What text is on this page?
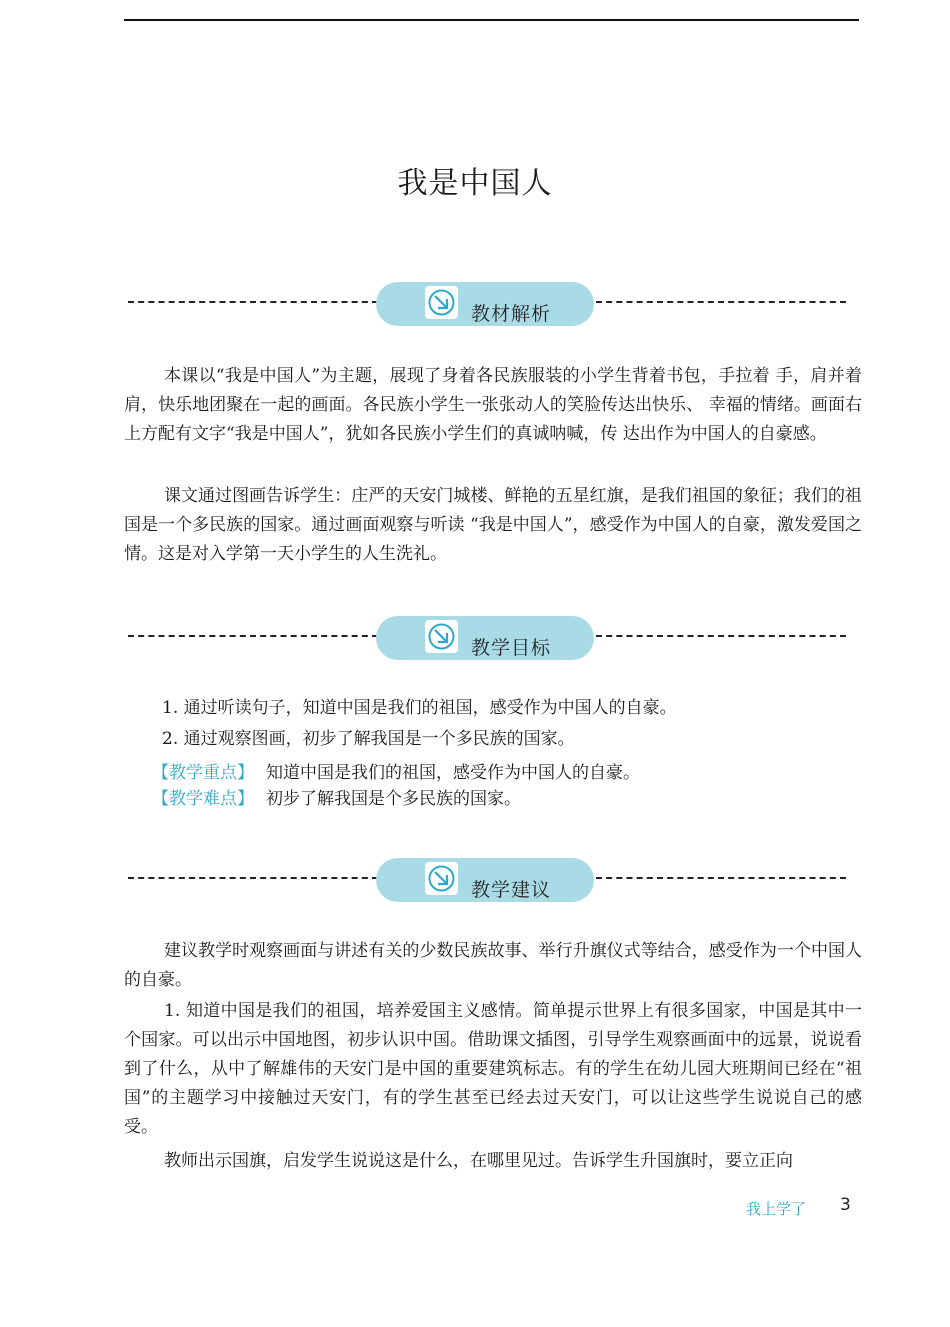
我是中国人
教材解析

本课以“我是中国人”为主题，展现了身着各民族服装的小学生背着书包，手拉着 手，肩并着肩，快乐地团聚在一起的画面。各民族小学生一张张动人的笑脸传达出快乐、 幸福的情绪。画面右上方配有文字“我是中国人”，犹如各民族小学生们的真诚呐喊，传 达出作为中国人的自豪感。

课文通过图画告诉学生：庄严的天安门城楼、鲜艳的五星红旗，是我们祖国的象征；我们的祖国是一个多民族的国家。通过画面观察与听读 “我是中国人”，感受作为中国人的自豪，激发爱国之情。这是对入学第一天小学生的人生洗礼。

教学目标
1. 通过听读句子，知道中国是我们的祖国，感受作为中国人的自豪。
2. 通过观察图画，初步了解我国是一个多民族的国家。
【教学重点】 知道中国是我们的祖国，感受作为中国人的自豪。
【教学难点】 初步了解我国是个多民族的国家。
教学建议

建议教学时观察画面与讲述有关的少数民族故事、举行升旗仪式等结合，感受作为一个中国人的自豪。

1. 知道中国是我们的祖国，培养爱国主义感情。简单提示世界上有很多国家，中国是其中一个国家。可以出示中国地图，初步认识中国。借助课文插图，引导学生观察画面中的远景，说说看到了什么，从中了解雄伟的天安门是中国的重要建筑标志。有的学生在幼儿园大班期间已经在“祖国”的主题学习中接触过天安门，有的学生甚至已经去过天安门，可以让这些学生说说自己的感受。

教师出示国旗，启发学生说说这是什么，在哪里见过。告诉学生升国旗时，要立正向

我上学了 3
